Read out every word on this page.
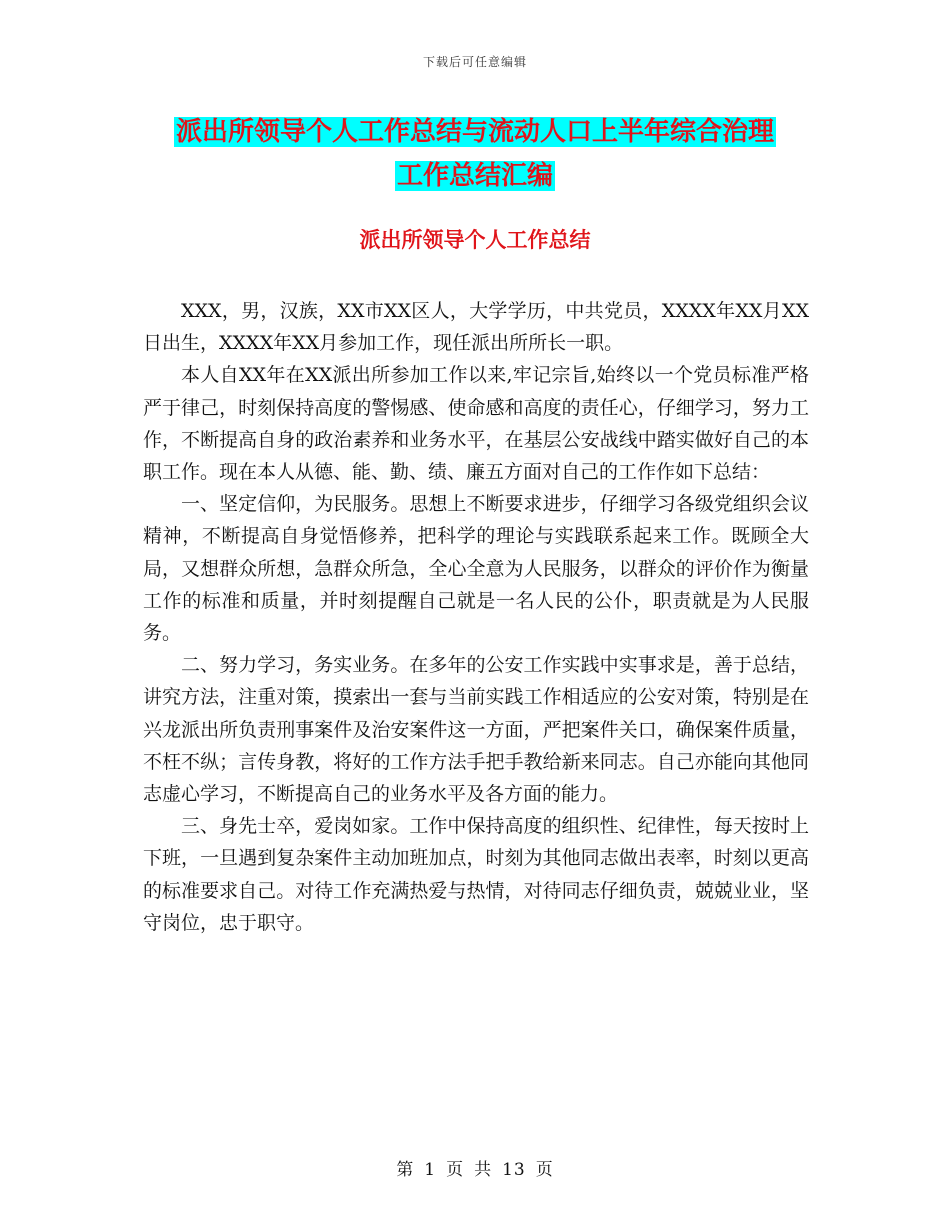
下载后可任意编辑
派出所领导个人工作总结与流动人口上半年综合治理
工作总结汇编
派出所领导个人工作总结

XXX，男，汉族，XX市XX区人，大学学历，中共党员，XXXX年XX月XX日出生，XXXX年XX月参加工作，现任派出所所长一职。

本人自XX年在XX派出所参加工作以来,牢记宗旨,始终以一个党员标准严格严于律己，时刻保持高度的警惕感、使命感和高度的责任心，仔细学习，努力工作，不断提高自身的政治素养和业务水平，在基层公安战线中踏实做好自己的本职工作。现在本人从德、能、勤、绩、廉五方面对自己的工作作如下总结：

一、坚定信仰，为民服务。思想上不断要求进步，仔细学习各级党组织会议精神，不断提高自身觉悟修养，把科学的理论与实践联系起来工作。既顾全大局，又想群众所想，急群众所急，全心全意为人民服务，以群众的评价作为衡量工作的标准和质量，并时刻提醒自己就是一名人民的公仆，职责就是为人民服务。

二、努力学习，务实业务。在多年的公安工作实践中实事求是，善于总结，讲究方法，注重对策，摸索出一套与当前实践工作相适应的公安对策，特别是在兴龙派出所负责刑事案件及治安案件这一方面，严把案件关口，确保案件质量，不枉不纵；言传身教，将好的工作方法手把手教给新来同志。自己亦能向其他同志虚心学习，不断提高自己的业务水平及各方面的能力。

三、身先士卒，爱岗如家。工作中保持高度的组织性、纪律性，每天按时上下班，一旦遇到复杂案件主动加班加点，时刻为其他同志做出表率，时刻以更高的标准要求自己。对待工作充满热爱与热情，对待同志仔细负责，兢兢业业，坚守岗位，忠于职守。

第 1 页 共 13 页
